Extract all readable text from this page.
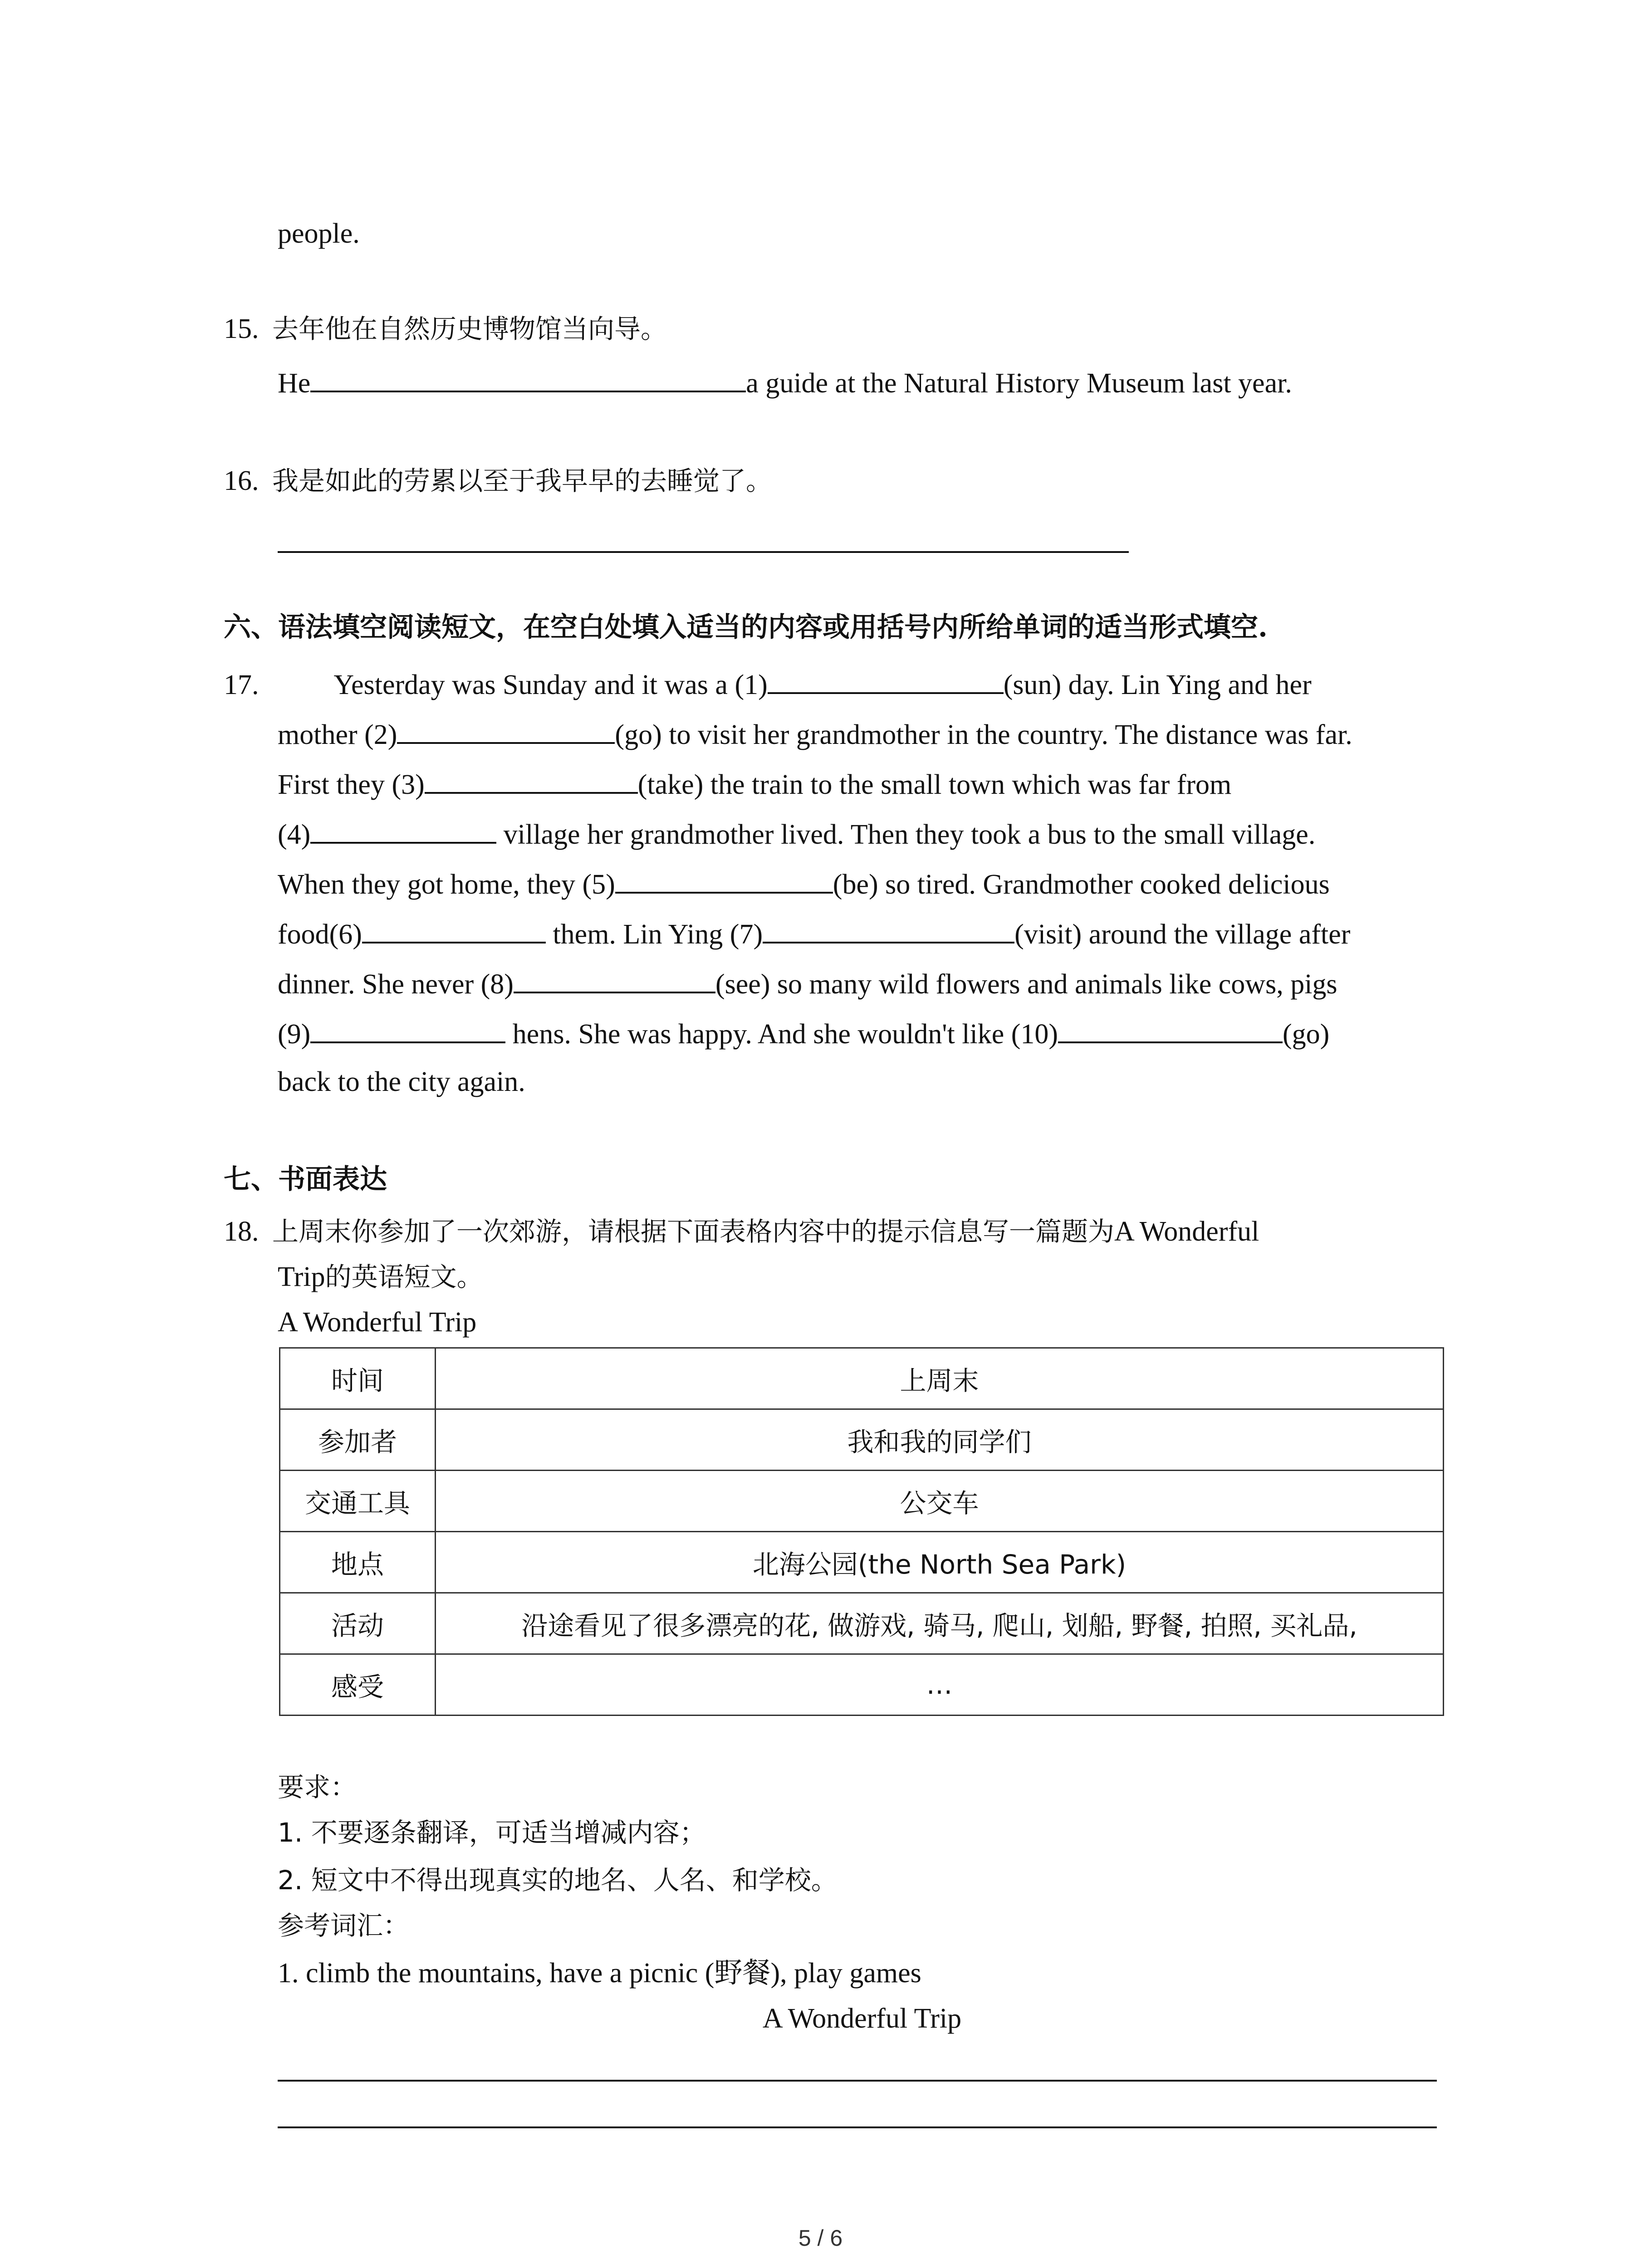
people.
15. 去年他在自然历史博物馆当向导。
He	a guide at the Natural History Museum last year.
16. 我是如此的劳累以至于我早早的去睡觉了。
六、语法填空阅读短文，在空白处填入适当的内容或用括号内所给单词的适当形式填空.
17.	Yesterday was Sunday and it was a (1)	(sun) day. Lin Ying and her
mother (2)	(go) to visit her grandmother in the country. The distance was far.
First they (3)	(take) the train to the small town which was far from
(4)	village her grandmother lived. Then they took a bus to the small village.
When they got home, they (5)	(be) so tired. Grandmother cooked delicious
food(6)	them. Lin Ying (7)	(visit) around the village after
dinner. She never (8)	(see) so many wild flowers and animals like cows, pigs
(9)	hens. She was happy. And she wouldn't like (10)	(go)
back to the city again.
七、书面表达
18. 上周末你参加了一次郊游，请根据下面表格内容中的提示信息写一篇题为A Wonderful
Trip的英语短文。
A Wonderful Trip
时间	上周末
参加者	我和我的同学们
交通工具	公交车
地点	北海公园(the North Sea Park)
活动	沿途看见了很多漂亮的花, 做游戏, 骑马, 爬山, 划船, 野餐, 拍照, 买礼品,
感受	…
要求：
1. 不要逐条翻译，可适当增减内容；
2. 短文中不得出现真实的地名、人名、和学校。
参考词汇：
1. climb the mountains, have a picnic (野餐), play games
A Wonderful Trip
5 / 6
